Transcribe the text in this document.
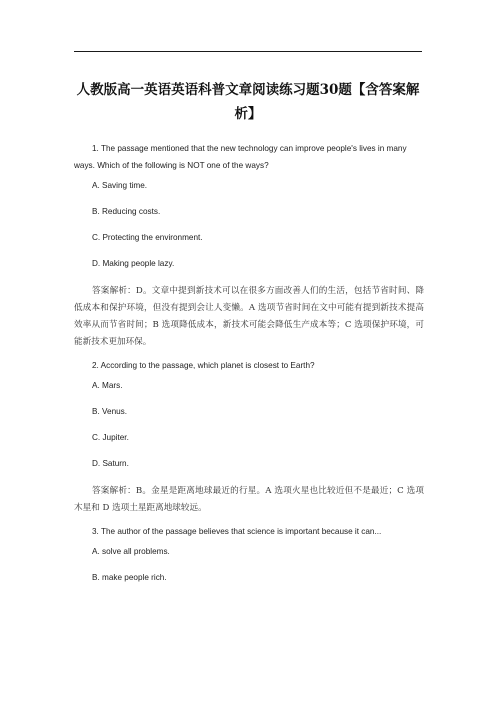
人教版高一英语英语科普文章阅读练习题30题【含答案解析】

1. The passage mentioned that the new technology can improve people's lives in many ways. Which of the following is NOT one of the ways?

A. Saving time.

B. Reducing costs.

C. Protecting the environment.

D. Making people lazy.

答案解析：D。文章中提到新技术可以在很多方面改善人们的生活，包括节省时间、降低成本和保护环境，但没有提到会让人变懒。A 选项节省时间在文中可能有提到新技术提高效率从而节省时间；B 选项降低成本，新技术可能会降低生产成本等；C 选项保护环境，可能新技术更加环保。

2. According to the passage, which planet is closest to Earth?

A. Mars.

B. Venus.

C. Jupiter.

D. Saturn.

答案解析：B。金星是距离地球最近的行星。A 选项火星也比较近但不是最近；C 选项木星和 D 选项土星距离地球较远。

3. The author of the passage believes that science is important because it can...

A. solve all problems.

B. make people rich.
